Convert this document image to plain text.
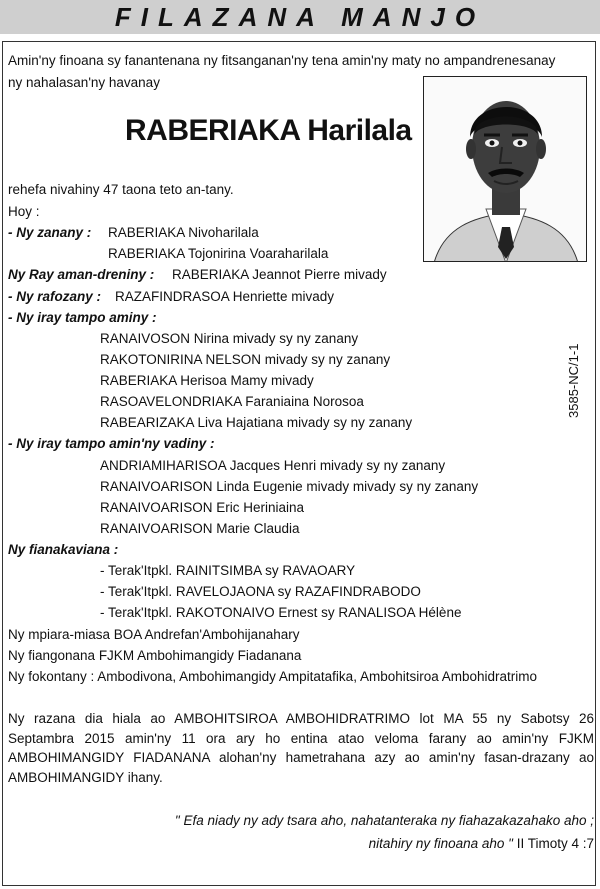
FILAZANA MANJO
Amin'ny finoana sy fanantenana ny fitsanganan'ny tena amin'ny maty no ampandrenesanay
ny nahalasan'ny havanay
RABERIAKA Harilala
rehefa nivahiny 47 taona teto an-tany.
Hoy :
- Ny zanany : RABERIAKA Nivoharilala
RABERIAKA Tojonirina Voaraharilala
Ny Ray aman-dreniny : RABERIAKA Jeannot Pierre mivady
- Ny rafozany : RAZAFINDRASOA Henriette mivady
- Ny iray tampo aminy :
RANAIVOSON Nirina mivady sy ny zanany
RAKOTONIRINA NELSON mivady sy ny zanany
RABERIAKA Herisoa Mamy mivady
RASOAVELONDRIAKA Faraniaina Norosoa
RABEARIZAKA Liva Hajatiana mivady sy ny zanany
- Ny iray tampo amin'ny vadiny :
ANDRIAMIHARISOA Jacques Henri mivady sy ny zanany
RANAIVOARISON Linda Eugenie mivady mivady sy ny zanany
RANAIVOARISON Eric Heriniaina
RANAIVOARISON Marie Claudia
Ny fianakaviana :
- Terak'Itpkl. RAINITSIMBA sy RAVAOARY
- Terak'Itpkl. RAVELOJAONA sy RAZAFINDRABODO
- Terak'Itpkl. RAKOTONAIVO Ernest sy RANALISOA Hélène
Ny mpiara-miasa BOA Andrefan'Ambohijanahary
Ny fiangonana FJKM Ambohimangidy Fiadanana
Ny fokontany : Ambodivona, Ambohimangidy Ampitatafika, Ambohitsiroa Ambohidratrimo
Ny razana dia hiala ao AMBOHITSIROA AMBOHIDRATRIMO lot MA 55 ny Sabotsy 26 Septambra 2015 amin'ny 11 ora ary ho entina atao veloma farany ao amin'ny FJKM AMBOHIMANGIDY FIADANANA alohan'ny hametrahana azy ao amin'ny fasan-drazany ao AMBOHIMANGIDY ihany.
" Efa niady ny ady tsara aho, nahatanteraka ny fiahazakazahako aho ;
nitahiry ny finoana aho " II Timoty 4 :7
3585-NC/1-1
